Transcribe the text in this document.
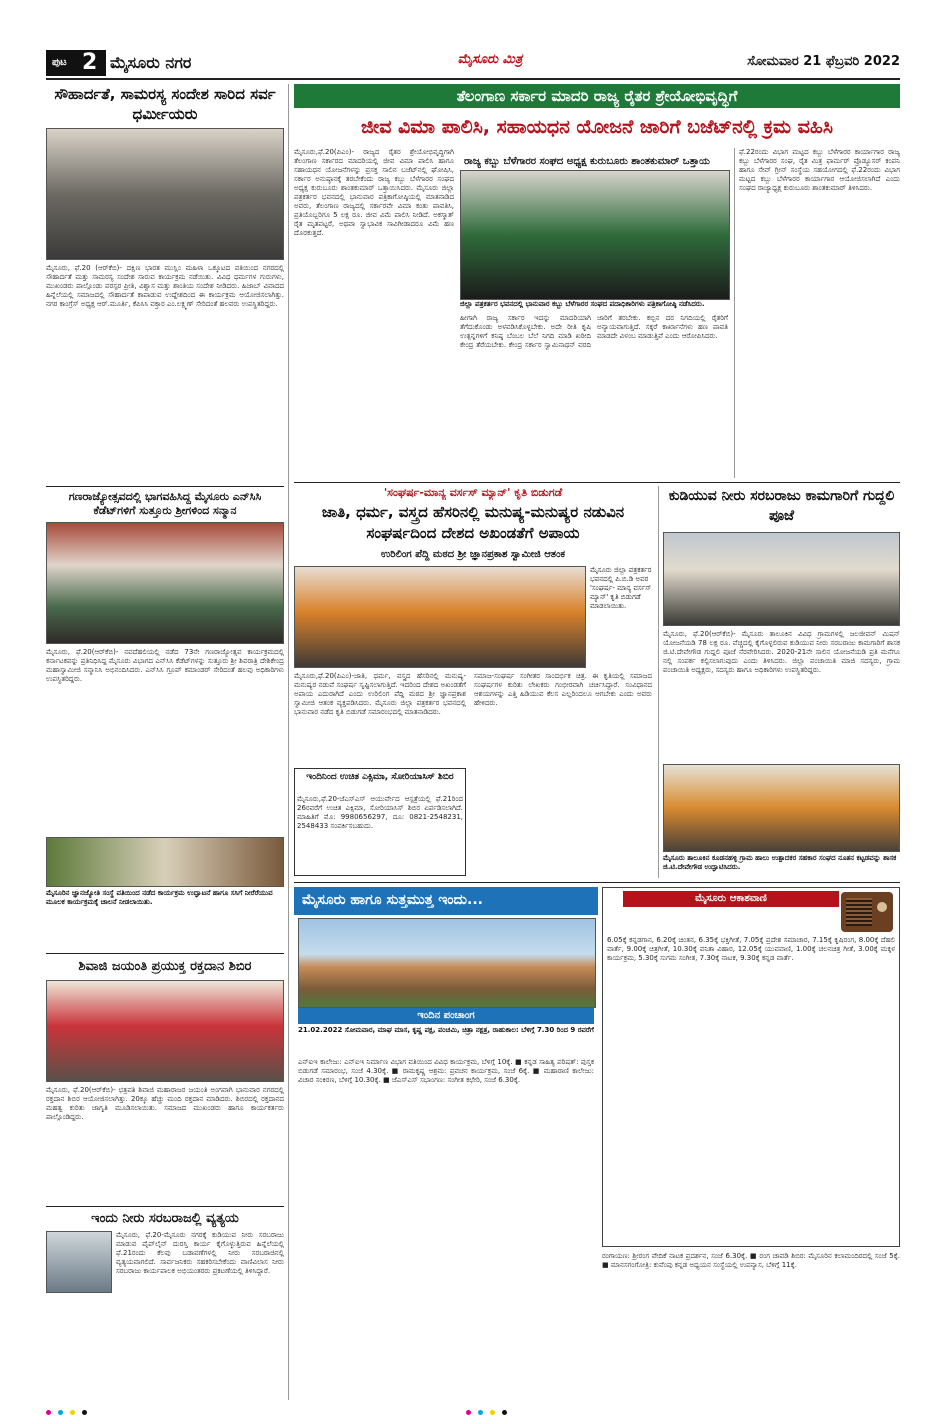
ಪುಟ 2 ಮೈಸೂರು ನಗರ	ಮೈಸೂರು ಮಿತ್ರ	ಸೋಮವಾರ 21 ಫೆಬ್ರವರಿ 2022
ಸೌಹಾರ್ದತೆ, ಸಾಮರಸ್ಯ ಸಂದೇಶ ಸಾರಿದ ಸರ್ವ ಧರ್ಮೀಯರು
ಮೈಸೂರು, ಫೆ.20 (ಆರ್‌ಕೆಬಿ)- ದಕ್ಷಿಣ ಭಾರತ ಮುಸ್ಲಿಂ ಮಹಿಳಾ ಒಕ್ಕೂಟದ ವತಿಯಿಂದ ನಗರದಲ್ಲಿ ಸೌಹಾರ್ದತೆ ಮತ್ತು ಸಾಮರಸ್ಯ ಸಂದೇಶ ಸಾರುವ ಕಾರ್ಯಕ್ರಮ ನಡೆಯಿತು. ವಿವಿಧ ಧರ್ಮಗಳ ಗುರುಗಳು, ಮುಖಂಡರು ಪಾಲ್ಗೊಂಡು ಪರಸ್ಪರ ಪ್ರೀತಿ, ವಿಶ್ವಾಸ ಮತ್ತು ಶಾಂತಿಯ ಸಂದೇಶ ನೀಡಿದರು. ಹಿಜಾಬ್ ವಿವಾದದ ಹಿನ್ನೆಲೆಯಲ್ಲಿ ಸಮಾಜದಲ್ಲಿ ಸೌಹಾರ್ದತೆ ಕಾಪಾಡುವ ಉದ್ದೇಶದಿಂದ ಈ ಕಾರ್ಯಕ್ರಮ ಆಯೋಜಿಸಲಾಗಿತ್ತು. ನಗರ ಕಾಂಗ್ರೆಸ್ ಅಧ್ಯಕ್ಷ ಆರ್.ಮೂರ್ತಿ, ಕೆಪಿಸಿಸಿ ವಕ್ತಾರ ಎಂ.ಲಕ್ಷ್ಮಣ್ ಸೇರಿದಂತೆ ಹಲವರು ಉಪಸ್ಥಿತರಿದ್ದರು.
ಗಣರಾಜ್ಯೋತ್ಸವದಲ್ಲಿ ಭಾಗವಹಿಸಿದ್ದ ಮೈಸೂರು ಎನ್‌ಸಿಸಿ ಕೆಡೆಟ್‌ಗಳಿಗೆ ಸುತ್ತೂರು ಶ್ರೀಗಳಿಂದ ಸನ್ಮಾನ
ಮೈಸೂರು, ಫೆ.20(ಆರ್‌ಕೆಬಿ)- ನವದೆಹಲಿಯಲ್ಲಿ ನಡೆದ 73ನೇ ಗಣರಾಜ್ಯೋತ್ಸವ ಕಾರ್ಯಕ್ರಮದಲ್ಲಿ ಕರ್ನಾಟಕವನ್ನು ಪ್ರತಿನಿಧಿಸಿದ್ದ ಮೈಸೂರು ವಿಭಾಗದ ಎನ್‌ಸಿಸಿ ಕೆಡೆಟ್‌ಗಳನ್ನು ಸುತ್ತೂರು ಶ್ರೀ ಶಿವರಾತ್ರಿ ದೇಶಿಕೇಂದ್ರ ಮಹಾಸ್ವಾಮೀಜಿ ಸನ್ಮಾನಿಸಿ ಅಭಿನಂದಿಸಿದರು. ಎನ್‌ಸಿಸಿ ಗ್ರೂಪ್ ಕಮಾಂಡರ್ ಸೇರಿದಂತೆ ಹಲವು ಅಧಿಕಾರಿಗಳು ಉಪಸ್ಥಿತರಿದ್ದರು.
ಮೈಸೂರಿನ ಜ್ಞಾನಜ್ಯೋತಿ ಸಂಸ್ಥೆ ವತಿಯಿಂದ ನಡೆದ ಕಾರ್ಯಕ್ರಮ ಉದ್ಘಾಟನೆ ಹಾಗೂ ಸಸಿಗೆ ನೀರೆರೆಯುವ ಮೂಲಕ ಕಾರ್ಯಕ್ರಮಕ್ಕೆ ಚಾಲನೆ ನೀಡಲಾಯಿತು.
ಶಿವಾಜಿ ಜಯಂತಿ ಪ್ರಯುಕ್ತ ರಕ್ತದಾನ ಶಿಬಿರ
ಮೈಸೂರು, ಫೆ.20(ಆರ್‌ಕೆಬಿ)- ಛತ್ರಪತಿ ಶಿವಾಜಿ ಮಹಾರಾಜರ ಜಯಂತಿ ಅಂಗವಾಗಿ ಭಾನುವಾರ ನಗರದಲ್ಲಿ ರಕ್ತದಾನ ಶಿಬಿರ ಆಯೋಜಿಸಲಾಗಿತ್ತು. 20ಕ್ಕೂ ಹೆಚ್ಚು ಮಂದಿ ರಕ್ತದಾನ ಮಾಡಿದರು. ಶಿಬಿರದಲ್ಲಿ ರಕ್ತದಾನದ ಮಹತ್ವ ಕುರಿತು ಜಾಗೃತಿ ಮೂಡಿಸಲಾಯಿತು. ಸಮಾಜದ ಮುಖಂಡರು ಹಾಗೂ ಕಾರ್ಯಕರ್ತರು ಪಾಲ್ಗೊಂಡಿದ್ದರು.
ಇಂದು ನೀರು ಸರಬರಾಜಲ್ಲಿ ವ್ಯತ್ಯಯ
ಮೈಸೂರು, ಫೆ.20-ಮೈಸೂರು ನಗರಕ್ಕೆ ಕುಡಿಯುವ ನೀರು ಸರಬರಾಜು ಮಾಡುವ ಪೈಪ್‌ಲೈನ್ ದುರಸ್ತಿ ಕಾರ್ಯ ಕೈಗೊಳ್ಳುತ್ತಿರುವ ಹಿನ್ನೆಲೆಯಲ್ಲಿ ಫೆ.21ರಂದು ಕೆಲವು ಬಡಾವಣೆಗಳಲ್ಲಿ ನೀರು ಸರಬರಾಜಿನಲ್ಲಿ ವ್ಯತ್ಯಯವಾಗಲಿದೆ. ಸಾರ್ವಜನಿಕರು ಸಹಕರಿಸಬೇಕೆಂದು ವಾಣಿವಿಲಾಸ ನೀರು ಸರಬರಾಜು ಕಾರ್ಯಪಾಲಕ ಅಭಿಯಂತರರು ಪ್ರಕಟಣೆಯಲ್ಲಿ ತಿಳಿಸಿದ್ದಾರೆ.
ತೆಲಂಗಾಣ ಸರ್ಕಾರ ಮಾದರಿ ರಾಜ್ಯ ರೈತರ ಶ್ರೇಯೋಭಿವೃದ್ಧಿಗೆ
ಜೀವ ವಿಮಾ ಪಾಲಿಸಿ, ಸಹಾಯಧನ ಯೋಜನೆ ಜಾರಿಗೆ ಬಜೆಟ್‌ನಲ್ಲಿ ಕ್ರಮ ವಹಿಸಿ
ರಾಜ್ಯ ಕಬ್ಬು ಬೆಳೆಗಾರರ ಸಂಘದ ಅಧ್ಯಕ್ಷ ಕುರುಬೂರು ಶಾಂತಕುಮಾರ್ ಒತ್ತಾಯ
ಮೈಸೂರು,ಫೆ.20(ಪಿಎಂ)- ರಾಜ್ಯದ ರೈತರ ಶ್ರೇಯೋಭಿವೃದ್ಧಿಗಾಗಿ ತೆಲಂಗಾಣ ಸರ್ಕಾರದ ಮಾದರಿಯಲ್ಲಿ ಜೀವ ವಿಮಾ ಪಾಲಿಸಿ ಹಾಗೂ ಸಹಾಯಧನ ಯೋಜನೆಗಳನ್ನು ಪ್ರಸಕ್ತ ಸಾಲಿನ ಬಜೆಟ್‌ನಲ್ಲಿ ಘೋಷಿಸಿ, ಸರ್ಕಾರ ಅನುಷ್ಠಾನಕ್ಕೆ ತರಬೇಕೆಂದು ರಾಜ್ಯ ಕಬ್ಬು ಬೆಳೆಗಾರರ ಸಂಘದ ಅಧ್ಯಕ್ಷ ಕುರುಬೂರು ಶಾಂತಕುಮಾರ್ ಒತ್ತಾಯಿಸಿದರು. ಮೈಸೂರು ಜಿಲ್ಲಾ ಪತ್ರಕರ್ತರ ಭವನದಲ್ಲಿ ಭಾನುವಾರ ಪತ್ರಿಕಾಗೋಷ್ಠಿಯಲ್ಲಿ ಮಾತನಾಡಿದ ಅವರು, ತೆಲಂಗಾಣ ರಾಜ್ಯದಲ್ಲಿ ಸರ್ಕಾರವೇ ವಿಮಾ ಕಂತು ಪಾವತಿಸಿ, ಪ್ರತಿಯೊಬ್ಬರಿಗೂ 5 ಲಕ್ಷ ರೂ. ಜೀವ ವಿಮೆ ಪಾಲಿಸಿ ನೀಡಿದೆ. ಅಕಸ್ಮಾತ್ ರೈತ ಮೃತಪಟ್ಟರೆ, ಅಥವಾ ಸ್ವಾಭಾವಿಕ ಸಾವಿಗೀಡಾದರೂ ವಿಮೆ ಹಣ ದೊರಕುತ್ತದೆ.
ಜಿಲ್ಲಾ ಪತ್ರಕರ್ತರ ಭವನದಲ್ಲಿ ಭಾನುವಾರ ಕಬ್ಬು ಬೆಳೆಗಾರರ ಸಂಘದ ಪದಾಧಿಕಾರಿಗಳು ಪತ್ರಿಕಾಗೋಷ್ಠಿ ನಡೆಸಿದರು.
ಹೀಗಾಗಿ ರಾಜ್ಯ ಸರ್ಕಾರ ಇದನ್ನು ಮಾದರಿಯಾಗಿ ತೆಗೆದುಕೊಂಡು ಅಳವಡಿಸಿಕೊಳ್ಳಬೇಕು. ಅದೇ ರೀತಿ ಕೃಷಿ ಉತ್ಪನ್ನಗಳಿಗೆ ಕನಿಷ್ಠ ಬೆಂಬಲ ಬೆಲೆ ನಿಗದಿ ಮಾಡಿ ಖರೀದಿ ಕೇಂದ್ರ ತೆರೆಯಬೇಕು. ಕೇಂದ್ರ ಸರ್ಕಾರ ಸ್ವಾಮಿನಾಥನ್ ವರದಿ ಜಾರಿಗೆ ತರಬೇಕು. ಕಬ್ಬಿನ ದರ ನಿಗದಿಯಲ್ಲಿ ರೈತರಿಗೆ ಅನ್ಯಾಯವಾಗುತ್ತಿದೆ. ಸಕ್ಕರೆ ಕಾರ್ಖಾನೆಗಳು ಹಣ ಪಾವತಿ ಮಾಡದೇ ವಿಳಂಬ ಮಾಡುತ್ತಿವೆ ಎಂದು ಆರೋಪಿಸಿದರು.
ಫೆ.22ರಂದು ವಿಭಾಗ ಮಟ್ಟದ ಕಬ್ಬು ಬೆಳೆಗಾರರ ಕಾರ್ಯಾಗಾರ ರಾಜ್ಯ ಕಬ್ಬು ಬೆಳೆಗಾರರ ಸಂಘ, ರೈತ ಮಿತ್ರ ಫಾರ್ಮರ್ ಪ್ರೊಡ್ಯೂಸರ್ ಕಂಪನಿ ಹಾಗೂ ಸೇವ್ ಗ್ರೀನ್ ಸಂಸ್ಥೆಯ ಸಹಯೋಗದಲ್ಲಿ ಫೆ.22ರಂದು ವಿಭಾಗ ಮಟ್ಟದ ಕಬ್ಬು ಬೆಳೆಗಾರರ ಕಾರ್ಯಾಗಾರ ಆಯೋಜಿಸಲಾಗಿದೆ ಎಂದು ಸಂಘದ ರಾಜ್ಯಾಧ್ಯಕ್ಷ ಕುರುಬೂರು ಶಾಂತಕುಮಾರ್ ತಿಳಿಸಿದರು.
'ಸಂಘರ್ಷ-ಮಾನ್ಯ ವರ್ಸಸ್ ಮ್ಯಾನ್' ಕೃತಿ ಬಿಡುಗಡೆ
ಜಾತಿ, ಧರ್ಮ, ವಸ್ತ್ರದ ಹೆಸರಿನಲ್ಲಿ ಮನುಷ್ಯ-ಮನುಷ್ಯರ ನಡುವಿನ ಸಂಘರ್ಷದಿಂದ ದೇಶದ ಅಖಂಡತೆಗೆ ಅಪಾಯ
ಉರಿಲಿಂಗ ಪೆದ್ದಿ ಮಠದ ಶ್ರೀ ಜ್ಞಾನಪ್ರಕಾಶ ಸ್ವಾಮೀಜಿ ಆತಂಕ
ಮೈಸೂರು ಜಿಲ್ಲಾ ಪತ್ರಕರ್ತರ ಭವನದಲ್ಲಿ ಪಿ.ಬಿ.ಡಿ ಅವರ 'ಸಂಘರ್ಷ- ಮಾನ್ಯ ವರ್ಸಸ್ ಮ್ಯಾನ್' ಕೃತಿ ಬಿಡುಗಡೆ ಮಾಡಲಾಯಿತು.
ಮೈಸೂರು,ಫೆ.20(ಪಿಎಂ)-ಜಾತಿ, ಧರ್ಮ, ವಸ್ತ್ರದ ಹೆಸರಿನಲ್ಲಿ ಮನುಷ್ಯ-ಮನುಷ್ಯರ ನಡುವೆ ಸಂಘರ್ಷ ಸೃಷ್ಟಿಸಲಾಗುತ್ತಿದೆ. ಇದರಿಂದ ದೇಶದ ಅಖಂಡತೆಗೆ ಅಪಾಯ ಎದುರಾಗಿದೆ ಎಂದು ಉರಿಲಿಂಗ ಪೆದ್ದಿ ಮಠದ ಶ್ರೀ ಜ್ಞಾನಪ್ರಕಾಶ ಸ್ವಾಮೀಜಿ ಆತಂಕ ವ್ಯಕ್ತಪಡಿಸಿದರು. ಮೈಸೂರು ಜಿಲ್ಲಾ ಪತ್ರಕರ್ತರ ಭವನದಲ್ಲಿ ಭಾನುವಾರ ನಡೆದ ಕೃತಿ ಬಿಡುಗಡೆ ಸಮಾರಂಭದಲ್ಲಿ ಮಾತನಾಡಿದರು.
ಸಮಾಜ-ಸಂಘರ್ಷ ಸಂಗೀತರ ಸಾಂದರ್ಭಿಕ ಚಿತ್ರ. ಈ ಕೃತಿಯಲ್ಲಿ ಸಮಾಜದ ಸಂಘರ್ಷಗಳ ಕುರಿತು ಲೇಖಕರು ಗಂಭೀರವಾಗಿ ಚರ್ಚಿಸಿದ್ದಾರೆ. ಸಂವಿಧಾನದ ಆಶಯಗಳನ್ನು ಎತ್ತಿ ಹಿಡಿಯುವ ಕೆಲಸ ಎಲ್ಲರಿಂದಲೂ ಆಗಬೇಕು ಎಂದು ಅವರು ಹೇಳಿದರು.
ಇಂದಿನಿಂದ ಉಚಿತ ಎಕ್ಸಿಮಾ, ಸೋರಿಯಾಸಿಸ್ ಶಿಬಿರ
ಮೈಸೂರು,ಫೆ.20-ಜೆಎಸ್‌ಎಸ್ ಆಯುರ್ವೇದ ಆಸ್ಪತ್ರೆಯಲ್ಲಿ ಫೆ.21ರಿಂದ 26ರವರೆಗೆ ಉಚಿತ ಎಕ್ಸಿಮಾ, ಸೋರಿಯಾಸಿಸ್ ಶಿಬಿರ ಏರ್ಪಡಿಸಲಾಗಿದೆ. ಮಾಹಿತಿಗೆ ಮೊ: 9980656297, ದೂ: 0821-2548231, 2548433 ಸಂಪರ್ಕಿಸಬಹುದು.
ಕುಡಿಯುವ ನೀರು ಸರಬರಾಜು ಕಾಮಗಾರಿಗೆ ಗುದ್ದಲಿ ಪೂಜೆ
ಮೈಸೂರು, ಫೆ.20(ಆರ್‌ಕೆಬಿ)- ಮೈಸೂರು ತಾಲೂಕಿನ ವಿವಿಧ ಗ್ರಾಮಗಳಲ್ಲಿ ಜಲಜೀವನ್ ಮಿಷನ್ ಯೋಜನೆಯಡಿ 78 ಲಕ್ಷ ರೂ. ವೆಚ್ಚದಲ್ಲಿ ಕೈಗೊಳ್ಳಲಿರುವ ಕುಡಿಯುವ ನೀರು ಸರಬರಾಜು ಕಾಮಗಾರಿಗೆ ಶಾಸಕ ಜಿ.ಟಿ.ದೇವೇಗೌಡ ಗುದ್ದಲಿ ಪೂಜೆ ನೆರವೇರಿಸಿದರು. 2020-21ನೇ ಸಾಲಿನ ಯೋಜನೆಯಡಿ ಪ್ರತಿ ಮನೆಗೂ ನಲ್ಲಿ ಸಂಪರ್ಕ ಕಲ್ಪಿಸಲಾಗುವುದು ಎಂದು ತಿಳಿಸಿದರು. ಜಿಲ್ಲಾ ಪಂಚಾಯಿತಿ ಮಾಜಿ ಸದಸ್ಯರು, ಗ್ರಾಮ ಪಂಚಾಯಿತಿ ಅಧ್ಯಕ್ಷರು, ಸದಸ್ಯರು ಹಾಗೂ ಅಧಿಕಾರಿಗಳು ಉಪಸ್ಥಿತರಿದ್ದರು.
ಮೈಸೂರು ತಾಲೂಕಿನ ಕೂಡನಹಳ್ಳಿ ಗ್ರಾಮ ಹಾಲು ಉತ್ಪಾದಕರ ಸಹಕಾರ ಸಂಘದ ನೂತನ ಕಟ್ಟಡವನ್ನು ಶಾಸಕ ಜಿ.ಟಿ.ದೇವೇಗೌಡ ಉದ್ಘಾಟಿಸಿದರು.
ಮೈಸೂರು ಹಾಗೂ ಸುತ್ತಮುತ್ತ ಇಂದು...
ಇಂದಿನ ಪಂಚಾಂಗ
21.02.2022 ಸೋಮವಾರ, ಮಾಘ ಮಾಸ, ಕೃಷ್ಣ ಪಕ್ಷ, ಪಂಚಮಿ, ಚಿತ್ರಾ ನಕ್ಷತ್ರ, ರಾಹುಕಾಲ: ಬೆಳಿಗ್ಗೆ 7.30 ರಿಂದ 9 ರವರೆಗೆ
ಎನ್‌ಐಇ ಕಾಲೇಜು: ಎನ್‌ಐಇ ನಿರ್ಮಾಣ ವಿಭಾಗ ವತಿಯಿಂದ ವಿವಿಧ ಕಾರ್ಯಕ್ರಮ, ಬೆಳಿಗ್ಗೆ 10ಕ್ಕೆ. ■ ಕನ್ನಡ ಸಾಹಿತ್ಯ ಪರಿಷತ್: ಪುಸ್ತಕ ಬಿಡುಗಡೆ ಸಮಾರಂಭ, ಸಂಜೆ 4.30ಕ್ಕೆ. ■ ರಾಮಕೃಷ್ಣ ಆಶ್ರಮ: ಪ್ರವಚನ ಕಾರ್ಯಕ್ರಮ, ಸಂಜೆ 6ಕ್ಕೆ. ■ ಮಹಾರಾಣಿ ಕಾಲೇಜು: ವಿಚಾರ ಸಂಕಿರಣ, ಬೆಳಿಗ್ಗೆ 10.30ಕ್ಕೆ. ■ ಜೆಎಸ್‌ಎಸ್ ಸಭಾಂಗಣ: ಸಂಗೀತ ಕಛೇರಿ, ಸಂಜೆ 6.30ಕ್ಕೆ.
ಮೈಸೂರು ಆಕಾಶವಾಣಿ
6.05ಕ್ಕೆ ಕನ್ನಡಗಾನ, 6.20ಕ್ಕೆ ಚಿಂತನ, 6.35ಕ್ಕೆ ಭಕ್ತಿಗೀತೆ, 7.05ಕ್ಕೆ ಪ್ರದೇಶ ಸಮಾಚಾರ, 7.15ಕ್ಕೆ ಕೃಷಿರಂಗ, 8.00ಕ್ಕೆ ದೆಹಲಿ ವಾರ್ತೆ, 9.00ಕ್ಕೆ ಚಿತ್ರಗೀತೆ, 10.30ಕ್ಕೆ ವನಿತಾ ವಿಹಾರ, 12.05ಕ್ಕೆ ಯುವವಾಣಿ, 1.00ಕ್ಕೆ ಚಲನಚಿತ್ರ ಗೀತೆ, 3.00ಕ್ಕೆ ಮಕ್ಕಳ ಕಾರ್ಯಕ್ರಮ, 5.30ಕ್ಕೆ ಸುಗಮ ಸಂಗೀತ, 7.30ಕ್ಕೆ ನಾಟಕ, 9.30ಕ್ಕೆ ಕನ್ನಡ ವಾರ್ತೆ.
ರಂಗಾಯಣ: ಶ್ರೀರಂಗ ವೇದಿಕೆ ನಾಟಕ ಪ್ರದರ್ಶನ, ಸಂಜೆ 6.30ಕ್ಕೆ. ■ ರಂಗ ಚಾವಡಿ ಶಿಬಿರ: ಮೈಸೂರಿನ ಕಲಾಮಂದಿರದಲ್ಲಿ ಸಂಜೆ 5ಕ್ಕೆ. ■ ಮಾನಸಗಂಗೋತ್ರಿ: ಕುವೆಂಪು ಕನ್ನಡ ಅಧ್ಯಯನ ಸಂಸ್ಥೆಯಲ್ಲಿ ಉಪನ್ಯಾಸ, ಬೆಳಿಗ್ಗೆ 11ಕ್ಕೆ.
